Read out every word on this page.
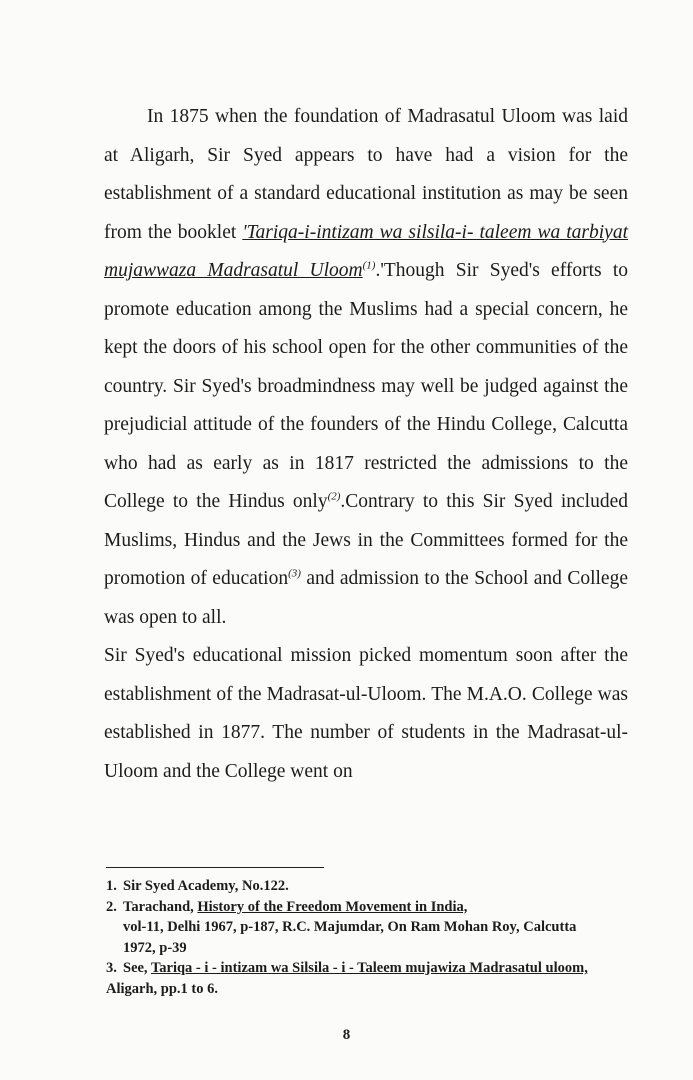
In 1875 when the foundation of Madrasatul Uloom was laid at Aligarh, Sir Syed appears to have had a vision for the establishment of a standard educational institution as may be seen from the booklet 'Tariqa-i-intizam wa silsila-i- taleem wa tarbiyat mujawwaza Madrasatul Uloom$^{(1)}$.'Though Sir Syed's efforts to promote education among the Muslims had a special concern, he kept the doors of his school open for the other communities of the country. Sir Syed's broadmindness may well be judged against the prejudicial attitude of the founders of the Hindu College, Calcutta who had as early as in 1817 restricted the admissions to the College to the Hindus only$^{(2)}$.Contrary to this Sir Syed included Muslims, Hindus and the Jews in the Committees formed for the promotion of education$^{(3)}$ and admission to the School and College was open to all.

Sir Syed's educational mission picked momentum soon after the establishment of the Madrasat-ul-Uloom. The M.A.O. College was established in 1877. The number of students in the Madrasat-ul-Uloom and the College went on

1. Sir Syed Academy, No.122.

2. Tarachand, History of the Freedom Movement in India,
vol-11, Delhi 1967, p-187, R.C. Majumdar, On Ram Mohan Roy, Calcutta 1972, p-39

3. See, Tariqa - i - intizam wa Silsila - i - Taleem mujawiza Madrasatul uloom, Aligarh, pp.1 to 6.

8
